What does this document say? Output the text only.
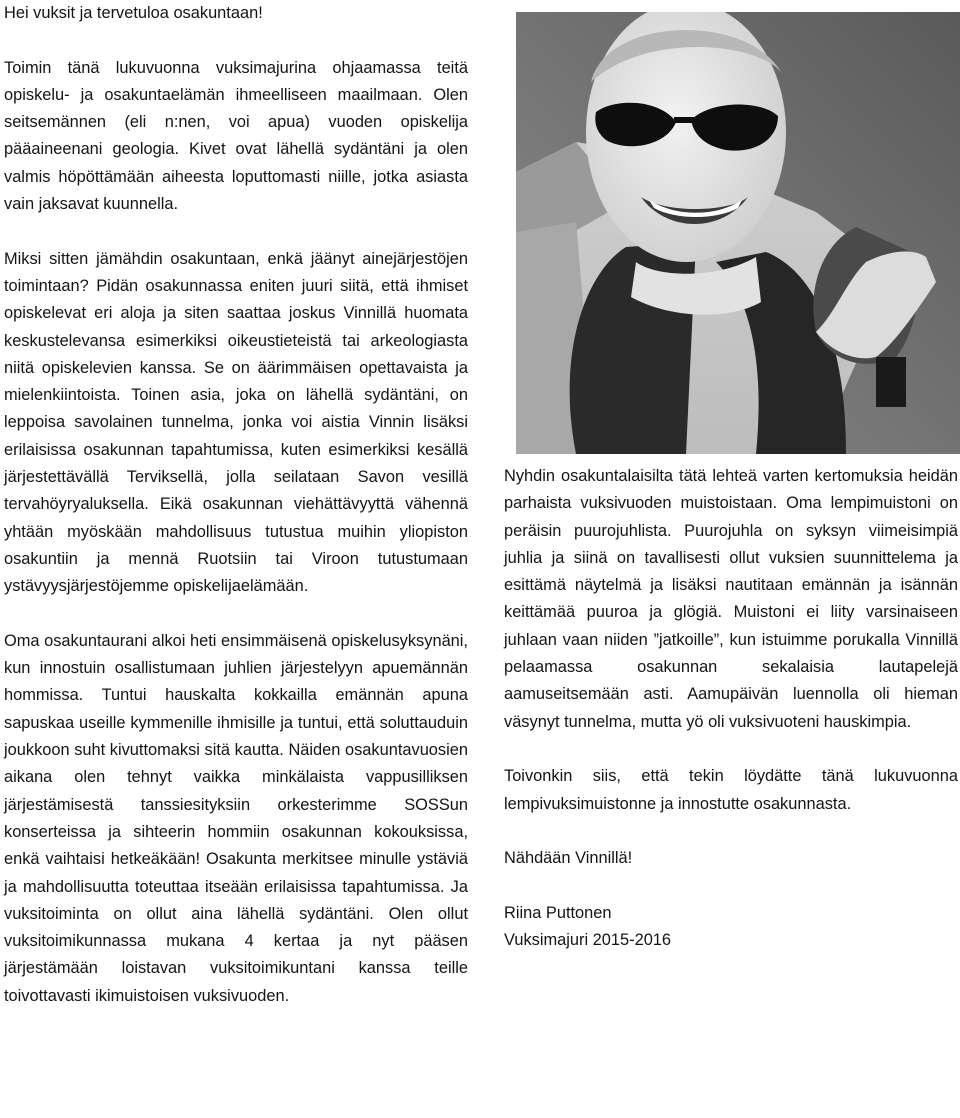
Hei vuksit ja tervetuloa osakuntaan!

Toimin tänä lukuvuonna vuksimajurina ohjaamassa teitä opiskelu- ja osakuntaelämän ihmeelliseen maailmaan. Olen seitsemännen (eli n:nen, voi apua) vuoden opiskelija pääaineenani geologia. Kivet ovat lähellä sydäntäni ja olen valmis höpöttämään aiheesta loputtomasti niille, jotka asiasta vain jaksavat kuunnella.

Miksi sitten jämähdin osakuntaan, enkä jäänyt ainejärjestöjen toimintaan? Pidän osakunnassa eniten juuri siitä, että ihmiset opiskelevat eri aloja ja siten saattaa joskus Vinnillä huomata keskustelevansa esimerkiksi oikeustieteistä tai arkeologiasta niitä opiskelevien kanssa. Se on äärimmäisen opettavaista ja mielenkiintoista. Toinen asia, joka on lähellä sydäntäni, on leppoisa savolainen tunnelma, jonka voi aistia Vinnin lisäksi erilaisissa osakunnan tapahtumissa, kuten esimerkiksi kesällä järjestettävällä Terviksellä, jolla seilataan Savon vesillä tervahöyryaluksella. Eikä osakunnan viehättävyyttä vähennä yhtään myöskään mahdollisuus tutustua muihin yliopiston osakuntiin ja mennä Ruotsiin tai Viroon tutustumaan ystävyysjärjestöjemme opiskelijaelämään.

Oma osakuntaurani alkoi heti ensimmäisenä opiskelusyksynäni, kun innostuin osallistumaan juhlien järjestelyyn apuemännän hommissa. Tuntui hauskalta kokkailla emännän apuna sapuskaa useille kymmenille ihmisille ja tuntui, että soluttauduin joukkoon suht kivuttomaksi sitä kautta. Näiden osakuntavuosien aikana olen tehnyt vaikka minkälaista vappusilliksen järjestämisestä tanssiesityksiin orkesterimme SOSSun konserteissa ja sihteerin hommiin osakunnan kokouksissa, enkä vaihtaisi hetkeäkään! Osakunta merkitsee minulle ystäviä ja mahdollisuutta toteuttaa itseään erilaisissa tapahtumissa. Ja vuksitoiminta on ollut aina lähellä sydäntäni. Olen ollut vuksitoimikunnassa mukana 4 kertaa ja nyt pääsen järjestämään loistavan vuksitoimikuntani kanssa teille toivottavasti ikimuistoisen vuksivuoden.

Nyhdin osakuntalaisilta tätä lehteä varten kertomuksia heidän parhaista vuksivuoden muistoistaan. Oma lempimuistoni on peräisin puurojuhlista. Puurojuhla on syksyn viimeisimpiä juhlia ja siinä on tavallisesti ollut vuksien suunnittelema ja esittämä näytelmä ja lisäksi nautitaan emännän ja isännän keittämää puuroa ja glögiä. Muistoni ei liity varsinaiseen juhlaan vaan niiden ”jatkoille”, kun istuimme porukalla Vinnillä pelaamassa osakunnan sekalaisia lautapelejä aamuseitsemään asti. Aamupäivän luennolla oli hieman väsynyt tunnelma, mutta yö oli vuksivuoteni hauskimpia.

Toivonkin siis, että tekin löydätte tänä lukuvuonna lempivuksimuistonne ja innostutte osakunnasta.

Nähdään Vinnillä!

Riina Puttonen

Vuksimajuri 2015-2016
